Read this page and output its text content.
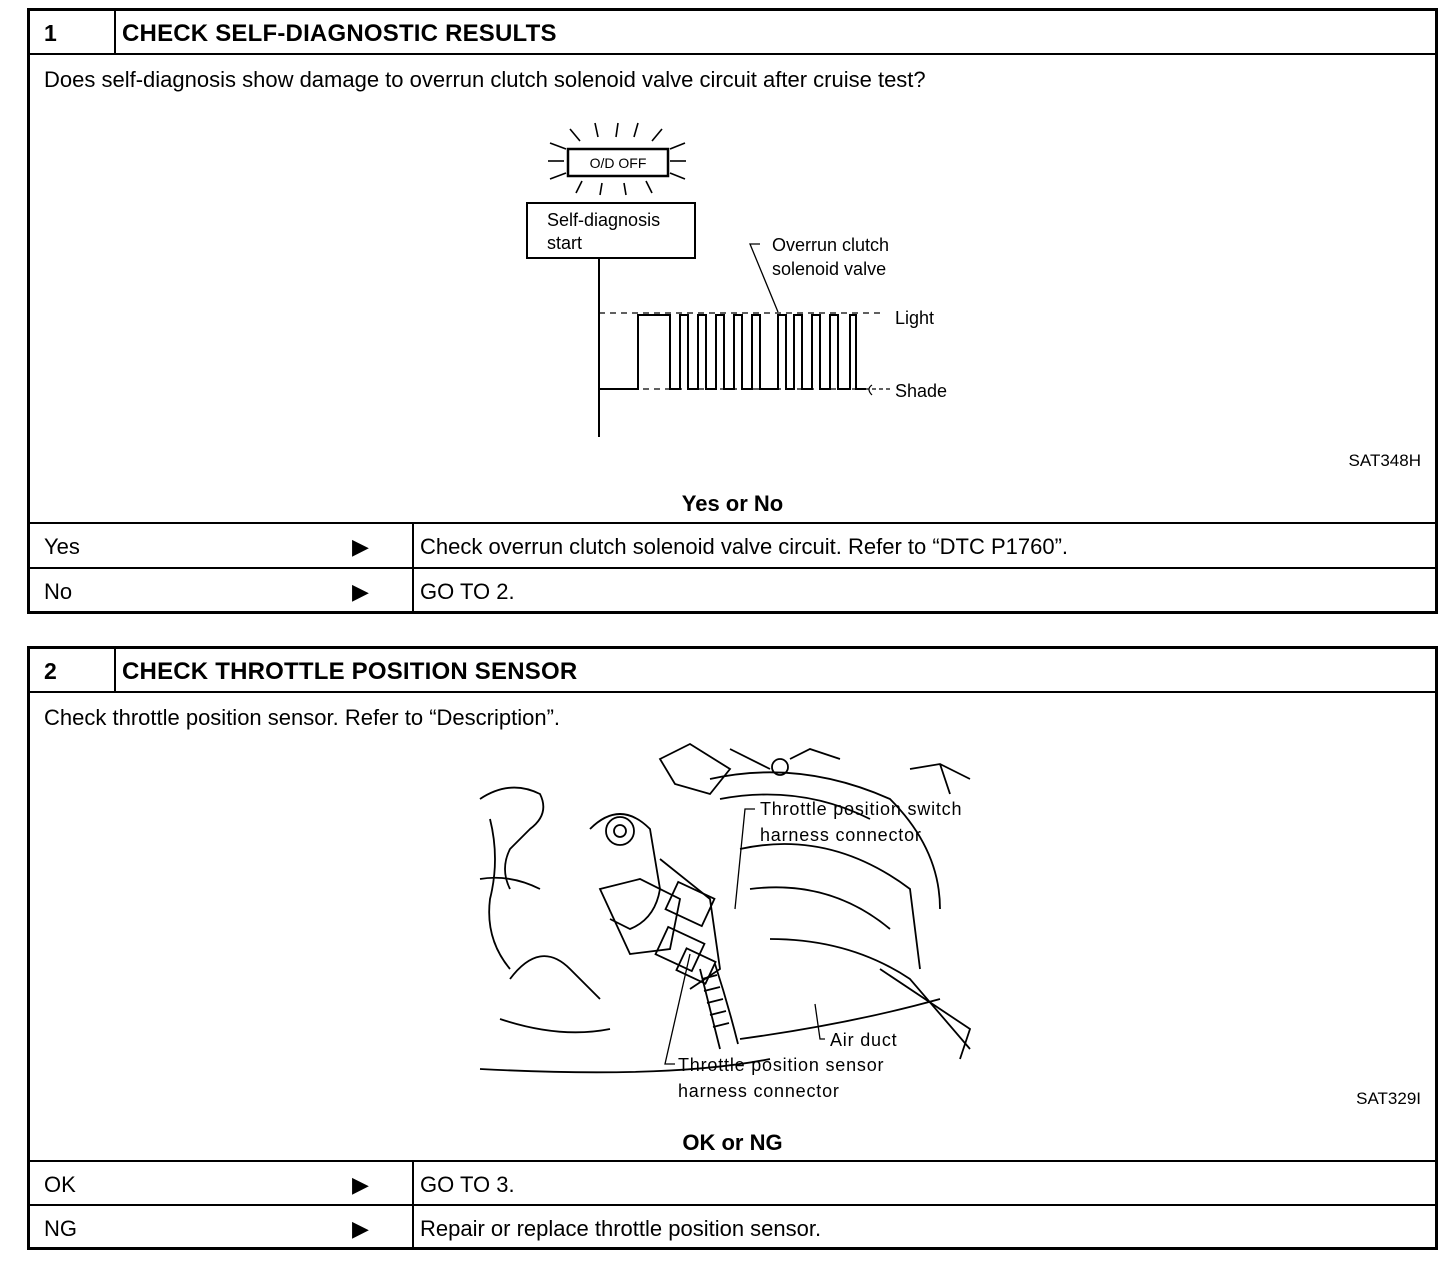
1	CHECK SELF-DIAGNOSTIC RESULTS
Does self-diagnosis show damage to overrun clutch solenoid valve circuit after cruise test?
O/D OFF
Self-diagnosis
start	Overrun clutch
solenoid valve
Light
Shade
SAT348H
Yes or No
Yes	▶ Check overrun clutch solenoid valve circuit. Refer to “DTC P1760”.
No	▶ GO TO 2.
2	CHECK THROTTLE POSITION SENSOR
Check throttle position sensor. Refer to “Description”.
Throttle position switch
harness connector
Air duct
Throttle position sensor
harness connector	SAT329I
OK or NG
OK	▶ GO TO 3.
NG	▶ Repair or replace throttle position sensor.
